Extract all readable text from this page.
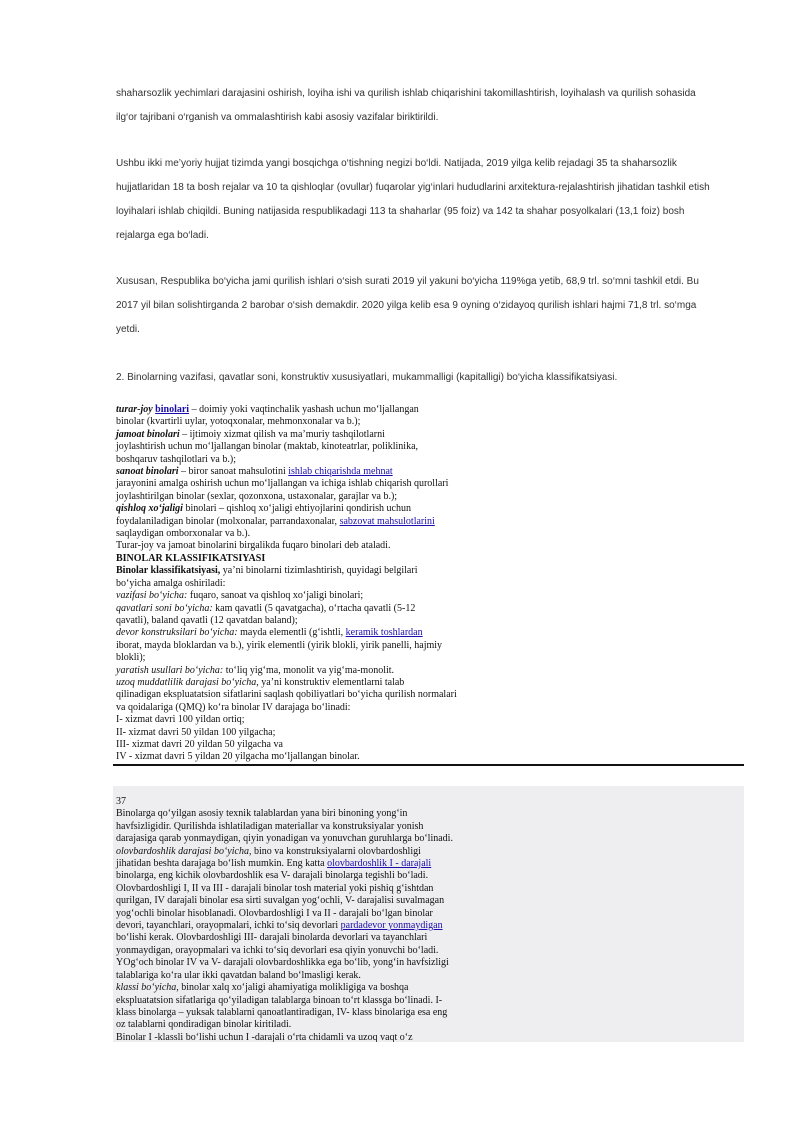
shaharsozlik yechimlari darajasini oshirish, loyiha ishi va qurilish ishlab chiqarishini takomillashtirish, loyihalash va qurilish sohasida
ilg‘or tajribani o‘rganish va ommalashtirish kabi asosiy vazifalar biriktirildi.

Ushbu ikki me’yoriy hujjat tizimda yangi bosqichga o‘tishning negizi bo‘ldi. Natijada, 2019 yilga kelib rejadagi 35 ta shaharsozlik
hujjatlaridan 18 ta bosh rejalar va 10 ta qishloqlar (ovullar) fuqarolar yig‘inlari hududlarini arxitektura-rejalashtirish jihatidan tashkil etish
loyihalari ishlab chiqildi. Buning natijasida respublikadagi 113 ta shaharlar (95 foiz) va 142 ta shahar posyolkalari (13,1 foiz) bosh
rejalarga ega bo‘ladi.

Xususan, Respublika bo‘yicha jami qurilish ishlari o‘sish surati 2019 yil yakuni bo‘yicha 119%ga yetib, 68,9 trl. so‘mni tashkil etdi. Bu
2017 yil bilan solishtirganda 2 barobar o‘sish demakdir. 2020 yilga kelib esa 9 oyning o‘zidayoq qurilish ishlari hajmi 71,8 trl. so‘mga
yetdi.

2. Binolarning vazifasi, qavatlar soni, konstruktiv xususiyatlari, mukammalligi (kapitalligi) bo‘yicha klassifikatsiyasi.
turar-joy binolari – doimiy yoki vaqtinchalik yashash uchun mo‘ljallangan
binolar (kvartirli uylar, yotoqxonalar, mehmonxonalar va b.);
jamoat binolari – ijtimoiy xizmat qilish va ma’muriy tashqilotlarni
joylashtirish uchun mo‘ljallangan binolar (maktab, kinoteatrlar, poliklinika,
boshqaruv tashqilotlari va b.);
sanoat binolari – biror sanoat mahsulotini ishlab chiqarishda mehnat
jarayonini amalga oshirish uchun mo‘ljallangan va ichiga ishlab chiqarish qurollari
joylashtirilgan binolar (sexlar, qozonxona, ustaxonalar, garajlar va b.);
qishloq xo‘jaligi binolari – qishloq xo‘jaligi ehtiyojlarini qondirish uchun
foydalaniladigan binolar (molxonalar, parrandaxonalar, sabzovat mahsulotlarini
saqlaydigan omborxonalar va b.).
Turar-joy va jamoat binolarini birgalikda fuqaro binolari deb ataladi.
BINOLAR KLASSIFIKATSIYASI
Binolar klassifikatsiyasi, ya’ni binolarni tizimlashtirish, quyidagi belgilari
bo‘yicha amalga oshiriladi:
vazifasi bo‘yicha: fuqaro, sanoat va qishloq xo‘jaligi binolari;
qavatlari soni bo‘yicha: kam qavatli (5 qavatgacha), o‘rtacha qavatli (5-12
qavatli), baland qavatli (12 qavatdan baland);
devor konstruksilari bo‘yicha: mayda elementli (g‘ishtli, keramik toshlardan
iborat, mayda bloklardan va b.), yirik elementli (yirik blokli, yirik panelli, hajmiy
blokli);
yaratish usullari bo‘yicha: to‘liq yig‘ma, monolit va yig‘ma-monolit.
uzoq muddatlilik darajasi bo‘yicha, ya’ni konstruktiv elementlarni talab
qilinadigan ekspluatatsion sifatlarini saqlash qobiliyatlari bo‘yicha qurilish normalari
va qoidalariga (QMQ) ko‘ra binolar IV darajaga bo‘linadi:
I- xizmat davri 100 yildan ortiq;
II- xizmat davri 50 yildan 100 yilgacha;
III- xizmat davri 20 yildan 50 yilgacha va
IV - xizmat davri 5 yildan 20 yilgacha mo‘ljallangan binolar.
37
Binolarga qo‘yilgan asosiy texnik talablardan yana biri binoning yong‘in
havfsizligidir. Qurilishda ishlatiladigan materiallar va konstruksiyalar yonish
darajasiga qarab yonmaydigan, qiyin yonadigan va yonuvchan guruhlarga bo‘linadi.
olovbardoshlik darajasi bo‘yicha, bino va konstruksiyalarni olovbardoshligi
jihatidan beshta darajaga bo‘lish mumkin. Eng katta olovbardoshlik I - darajali
binolarga, eng kichik olovbardoshlik esa V- darajali binolarga tegishli bo‘ladi.
Olovbardoshligi I, II va III - darajali binolar tosh material yoki pishiq g‘ishtdan
qurilgan, IV darajali binolar esa sirti suvalgan yog‘ochli, V- darajalisi suvalmagan
yog‘ochli binolar hisoblanadi. Olovbardoshligi I va II - darajali bo‘lgan binolar
devori, tayanchlari, orayopmalari, ichki to‘siq devorlari pardadevor yonmaydigan
bo‘lishi kerak. Olovbardoshligi III- darajali binolarda devorlari va tayanchlari
yonmaydigan, orayopmalari va ichki to‘siq devorlari esa qiyin yonuvchi bo‘ladi.
YOg‘och binolar IV va V- darajali olovbardoshlikka ega bo‘lib, yong‘in havfsizligi
talablariga ko‘ra ular ikki qavatdan baland bo‘lmasligi kerak.
klassi bo‘yicha, binolar xalq xo‘jaligi ahamiyatiga molikligiga va boshqa
ekspluatatsion sifatlariga qo‘yiladigan talablarga binoan to‘rt klassga bo‘linadi. I-
klass binolarga – yuksak talablarni qanoatlantiradigan, IV- klass binolariga esa eng
oz talablarni qondiradigan binolar kiritiladi.
Binolar I -klassli bo‘lishi uchun I -darajali o‘rta chidamli va uzoq vaqt o‘z
